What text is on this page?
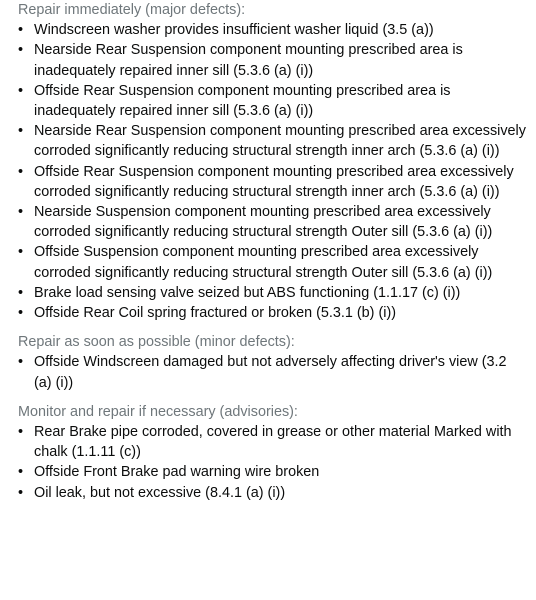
Repair immediately (major defects):

• Windscreen washer provides insufficient washer liquid (3.5 (a))
• Nearside Rear Suspension component mounting prescribed area is inadequately repaired inner sill (5.3.6 (a) (i))
• Offside Rear Suspension component mounting prescribed area is inadequately repaired inner sill (5.3.6 (a) (i))
• Nearside Rear Suspension component mounting prescribed area excessively corroded significantly reducing structural strength inner arch (5.3.6 (a) (i))
• Offside Rear Suspension component mounting prescribed area excessively corroded significantly reducing structural strength inner arch (5.3.6 (a) (i))
• Nearside Suspension component mounting prescribed area excessively corroded significantly reducing structural strength Outer sill (5.3.6 (a) (i))
• Offside Suspension component mounting prescribed area excessively corroded significantly reducing structural strength Outer sill (5.3.6 (a) (i))
• Brake load sensing valve seized but ABS functioning (1.1.17 (c) (i))
• Offside Rear Coil spring fractured or broken (5.3.1 (b) (i))

Repair as soon as possible (minor defects):

• Offside Windscreen damaged but not adversely affecting driver's view (3.2 (a) (i))

Monitor and repair if necessary (advisories):

• Rear Brake pipe corroded, covered in grease or other material Marked with chalk (1.1.11 (c))
• Offside Front Brake pad warning wire broken
• Oil leak, but not excessive (8.4.1 (a) (i))
